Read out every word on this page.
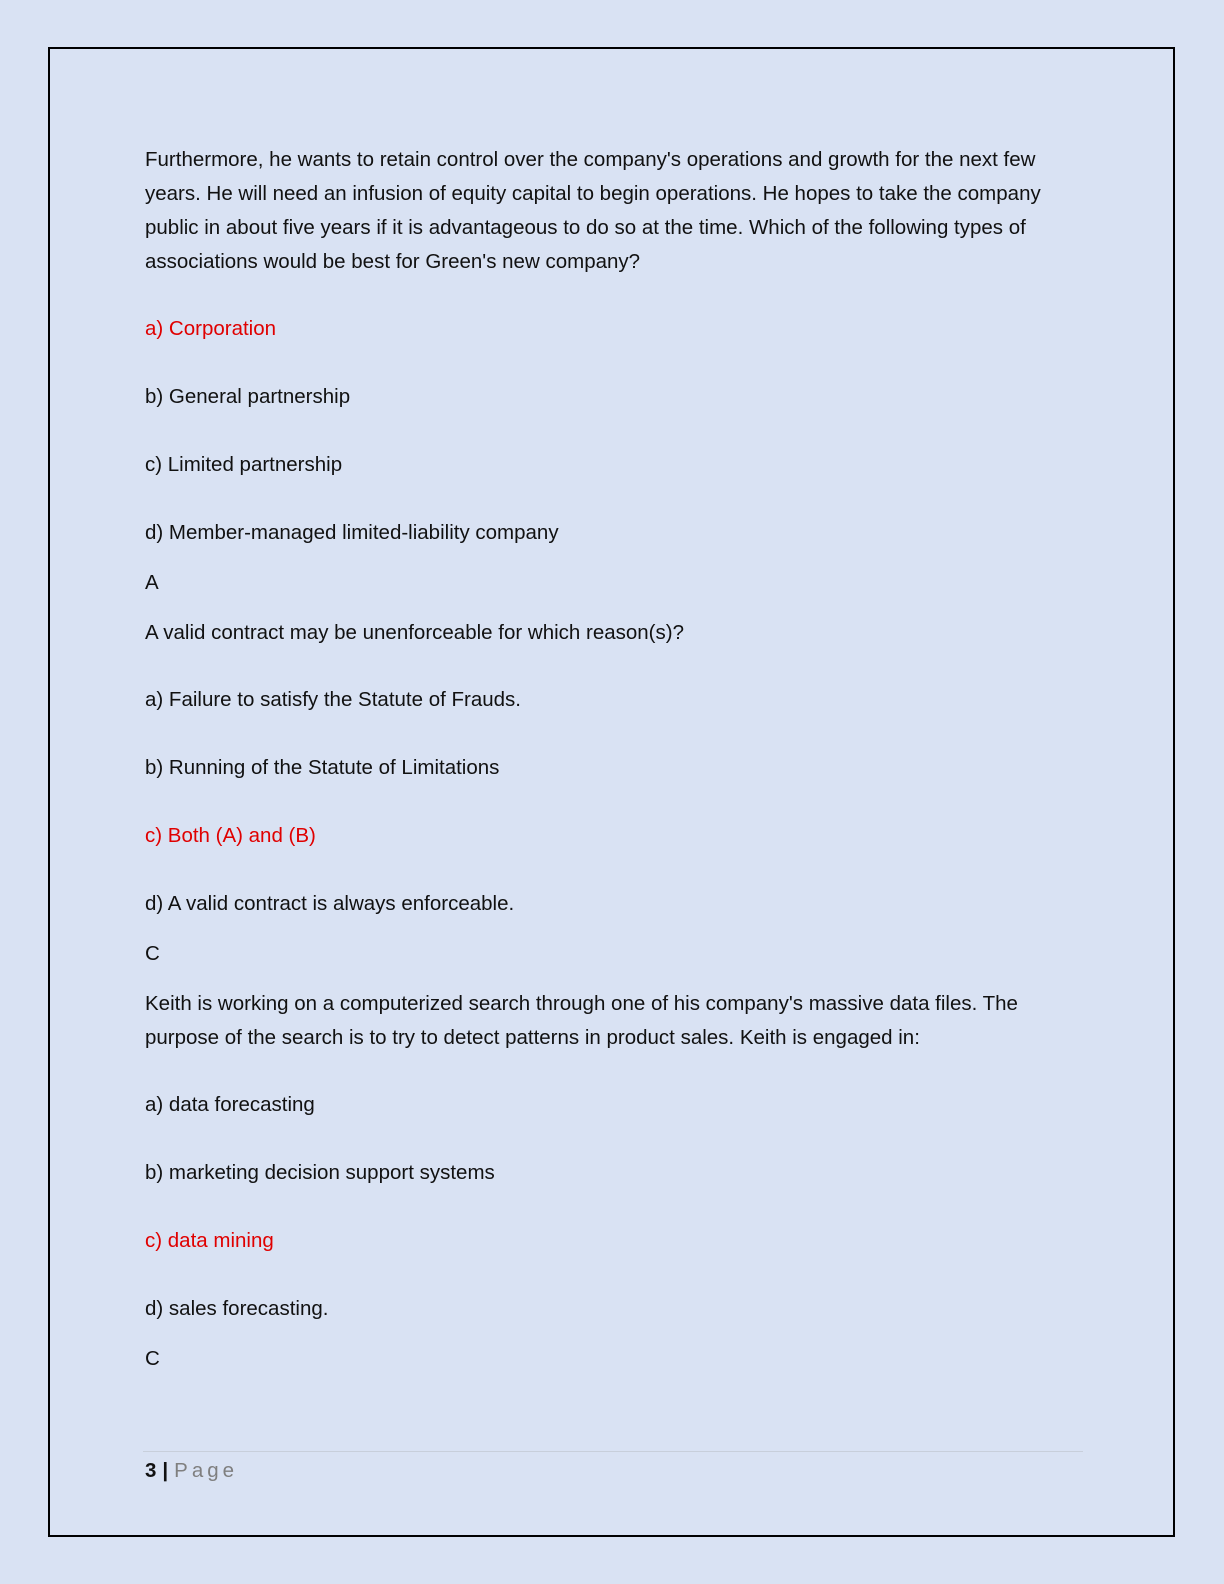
Furthermore, he wants to retain control over the company's operations and growth for the next few years. He will need an infusion of equity capital to begin operations. He hopes to take the company public in about five years if it is advantageous to do so at the time. Which of the following types of associations would be best for Green's new company?

a) Corporation

b) General partnership

c) Limited partnership

d) Member-managed limited-liability company

A

A valid contract may be unenforceable for which reason(s)?

a) Failure to satisfy the Statute of Frauds.

b) Running of the Statute of Limitations

c) Both (A) and (B)

d) A valid contract is always enforceable.

C

Keith is working on a computerized search through one of his company's massive data files. The purpose of the search is to try to detect patterns in product sales. Keith is engaged in:

a) data forecasting

b) marketing decision support systems

c) data mining

d) sales forecasting.

C

3 | Page
